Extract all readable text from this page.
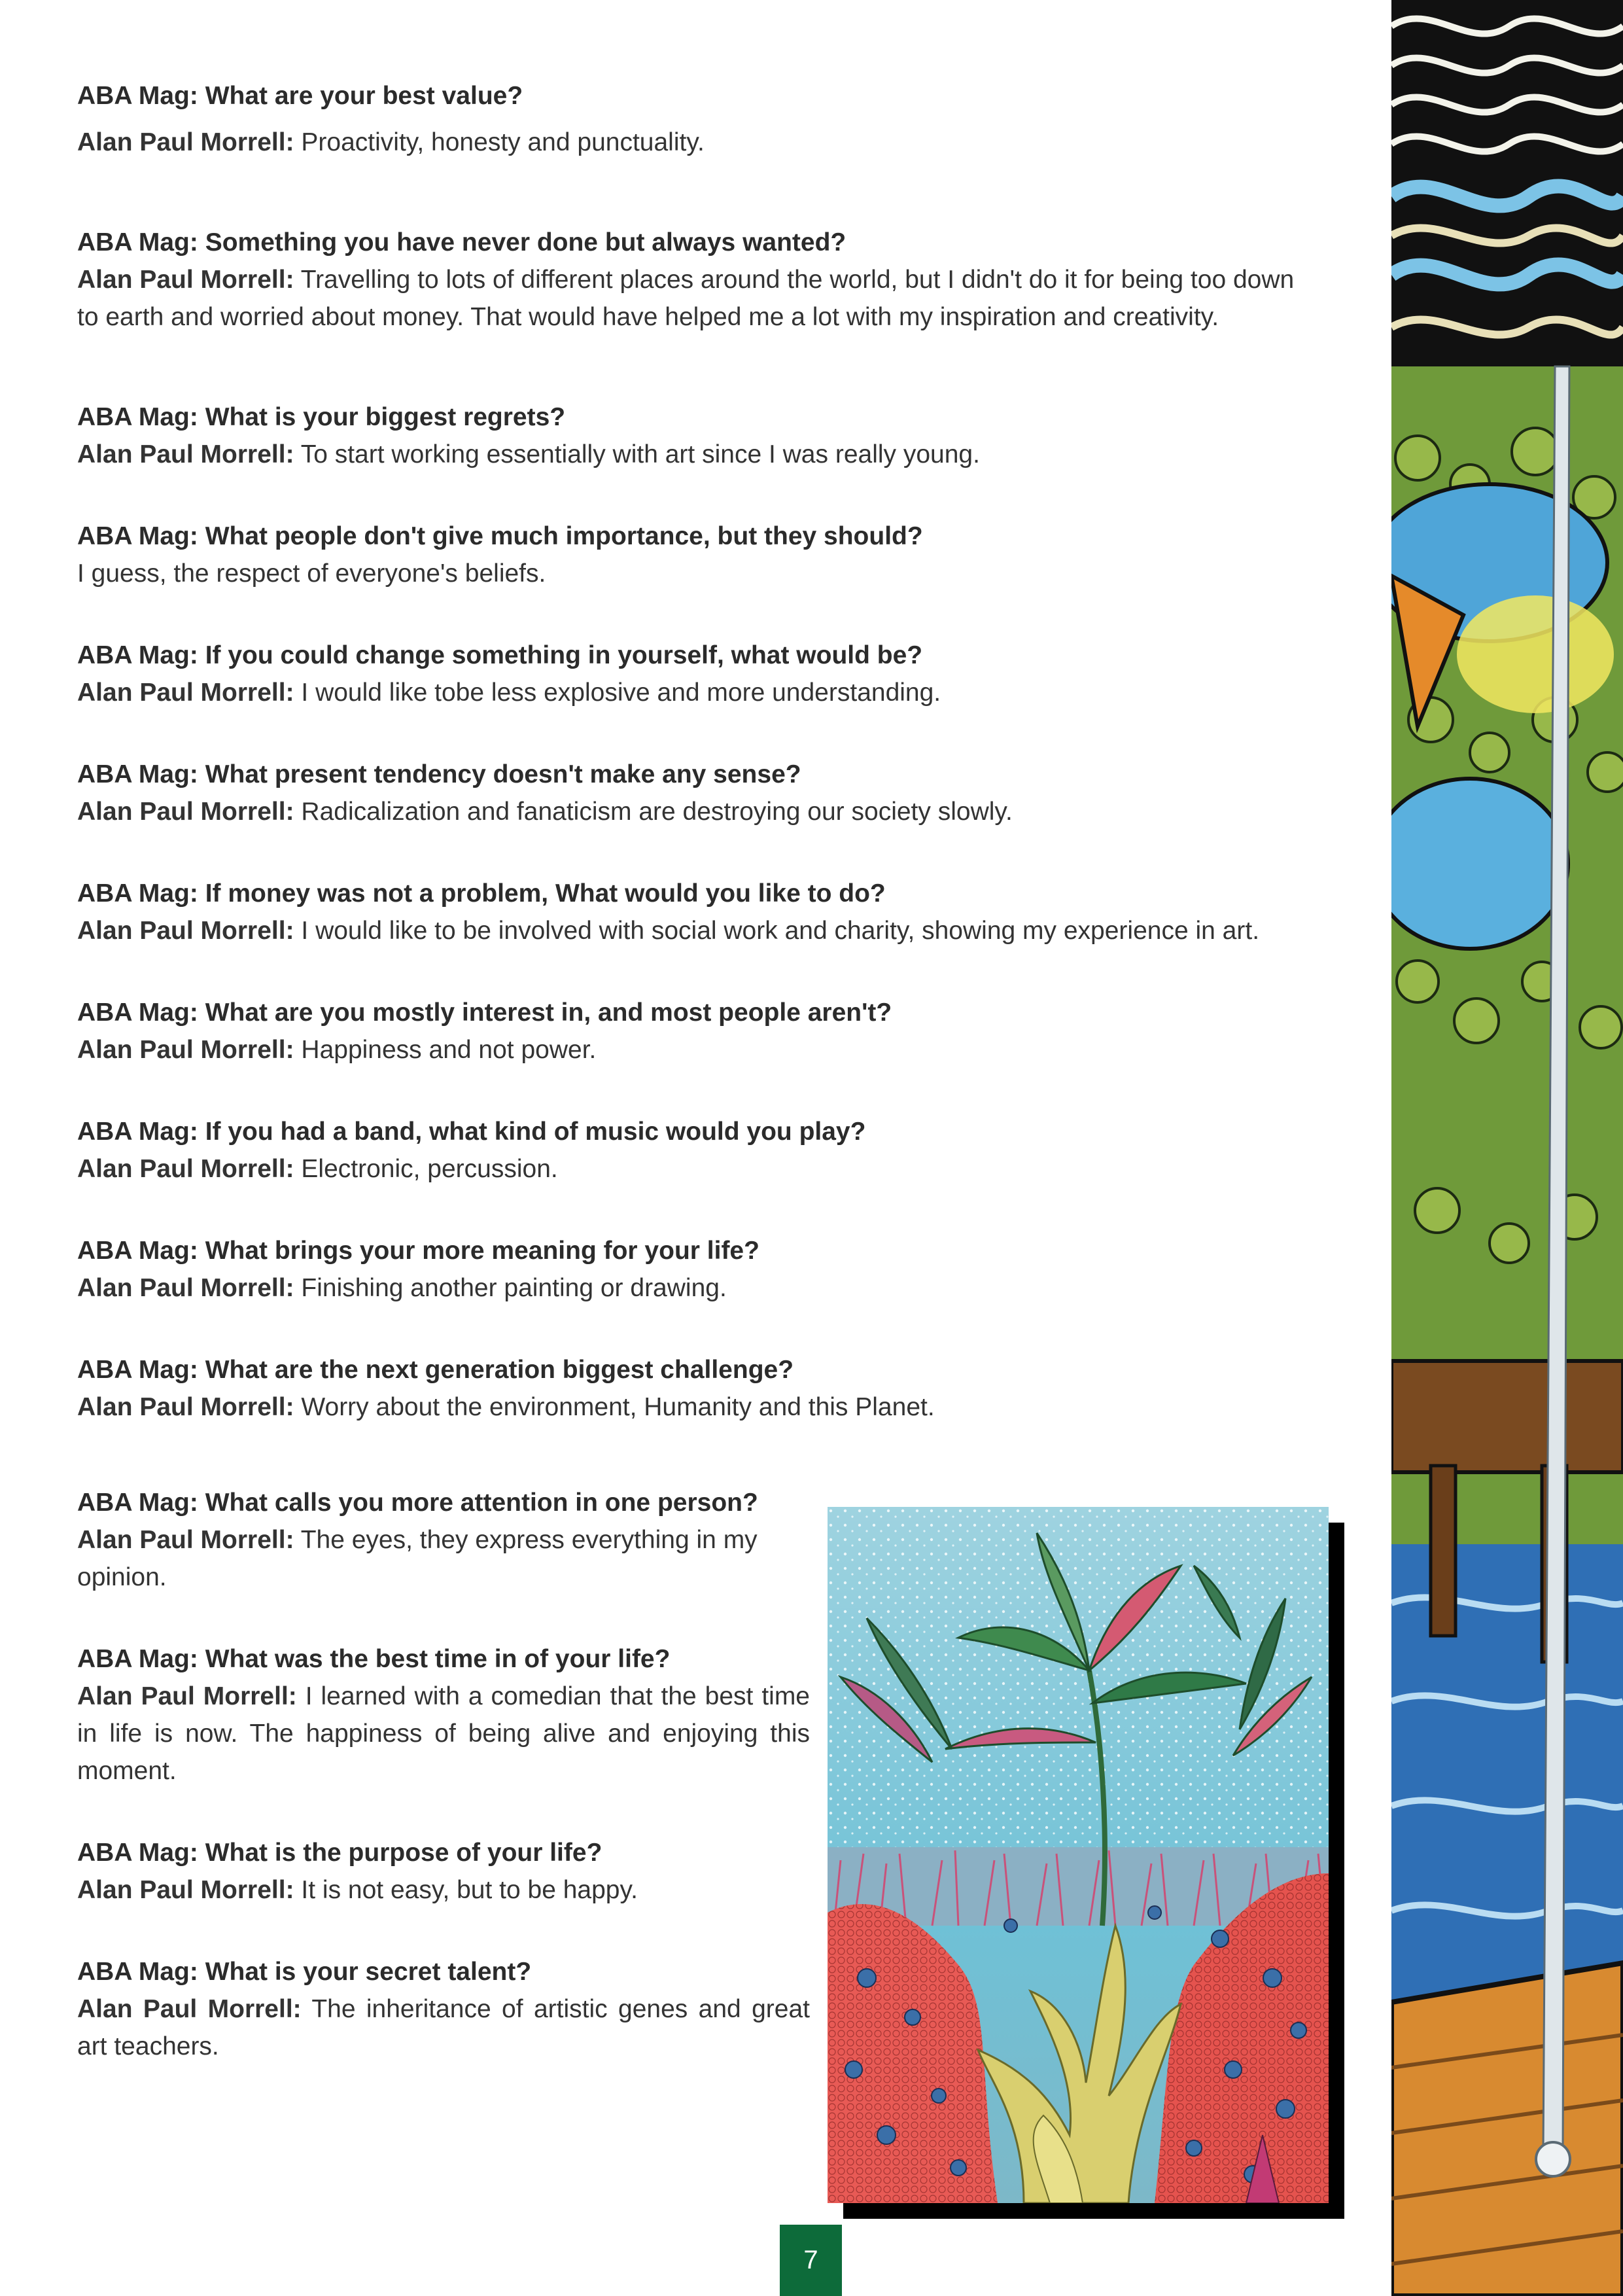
ABA Mag: What are your best value?
Alan Paul Morrell: Proactivity, honesty and punctuality.
ABA Mag: Something you have never done but always wanted?
Alan Paul Morrell: Travelling to lots of different places around the world, but I didn't do it for being too down to earth and worried about money. That would have helped me a lot with my inspiration and creativity.
ABA Mag: What is your biggest regrets?
Alan Paul Morrell: To start working essentially with art since I was really young.
ABA Mag: What people don't give much importance, but they should?
I guess, the respect of everyone's beliefs.
ABA Mag: If you could change something in yourself, what would be?
Alan Paul Morrell: I would like tobe less explosive and more understanding.
ABA Mag: What present tendency doesn't make any sense?
Alan Paul Morrell: Radicalization and fanaticism are destroying our society slowly.
ABA Mag: If money was not a problem, What would you like to do?
Alan Paul Morrell: I would like to be involved with social work and charity, showing my experience in art.
ABA Mag: What are you mostly interest in, and most people aren't?
Alan Paul Morrell: Happiness and not power.
ABA Mag: If you had a band, what kind of music would you play?
Alan Paul Morrell: Electronic, percussion.
ABA Mag: What brings your more meaning for your life?
Alan Paul Morrell: Finishing another painting or drawing.
ABA Mag: What are the next generation biggest challenge?
Alan Paul Morrell: Worry about the environment, Humanity and this Planet.
ABA Mag: What calls you more attention in one person?
Alan Paul Morrell: The eyes, they express everything in my opinion.
ABA Mag: What was the best time in of your life?
Alan Paul Morrell: I learned with a comedian that the best time in life is now. The happiness of being alive and enjoying this moment.
ABA Mag: What is the purpose of your life?
Alan Paul Morrell: It is not easy, but to be happy.
ABA Mag: What is your secret talent?
Alan Paul Morrell: The inheritance of artistic genes and great art teachers.
7
